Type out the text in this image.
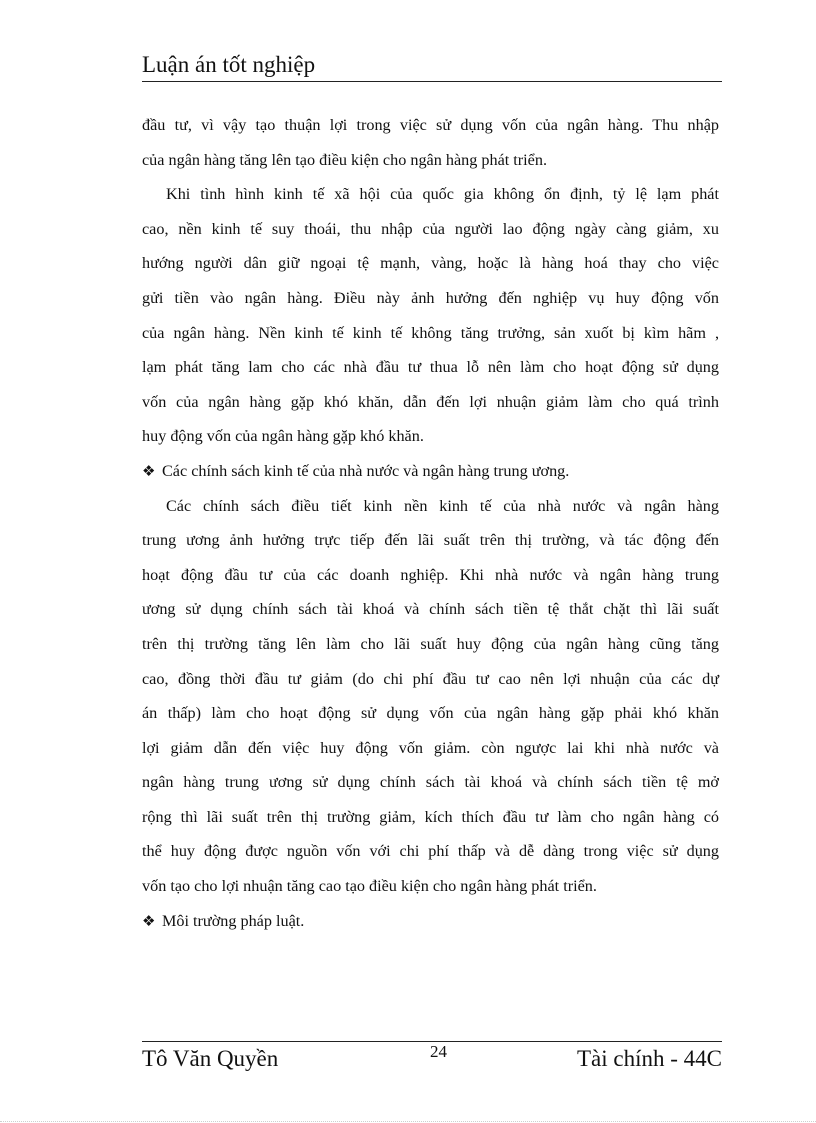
Luận án tốt nghiệp
đầu tư, vì vậy tạo thuận lợi trong việc sử dụng vốn của ngân hàng. Thu nhập
của ngân hàng tăng lên tạo điều kiện cho ngân hàng phát triển.
Khi tình hình kinh tế xã hội của quốc gia không ổn định, tỷ lệ lạm phát
cao, nền kinh tế suy thoái, thu nhập của người lao động ngày càng giảm, xu
hướng người dân giữ ngoại tệ mạnh, vàng, hoặc là hàng hoá thay cho việc
gửi tiền vào ngân hàng. Điều này ảnh hưởng đến nghiệp vụ huy động vốn
của ngân hàng. Nền kinh tế kinh tế không tăng trưởng, sản xuốt bị kìm hãm ,
lạm phát tăng lam cho các nhà đầu tư thua lỗ nên làm cho hoạt động sử dụng
vốn của ngân hàng gặp khó khăn, dẫn đến lợi nhuận giảm làm cho quá trình
huy động vốn của ngân hàng gặp khó khăn.
❖ Các chính sách kinh tế của nhà nước và ngân hàng trung ương.
Các chính sách điều tiết kinh nền kinh tế của nhà nước và ngân hàng
trung ương ảnh hưởng trực tiếp đến lãi suất trên thị trường, và tác động đến
hoạt động đầu tư của các doanh nghiệp. Khi nhà nước và ngân hàng trung
ương sử dụng chính sách tài khoá và chính sách tiền tệ thắt chặt thì lãi suất
trên thị trường tăng lên làm cho lãi suất huy động của ngân hàng cũng tăng
cao, đồng thời đầu tư giảm (do chi phí đầu tư cao nên lợi nhuận của các dự
án thấp) làm cho hoạt động sử dụng vốn của ngân hàng gặp phải khó khăn
lợi giảm dẫn đến việc huy động vốn giảm. còn ngược lai khi nhà nước và
ngân hàng trung ương sử dụng chính sách tài khoá và chính sách tiền tệ mở
rộng thì lãi suất trên thị trường giảm, kích thích đầu tư làm cho ngân hàng có
thể huy động được nguồn vốn với chi phí thấp và dễ dàng trong việc sử dụng
vốn tạo cho lợi nhuận tăng cao tạo điều kiện cho ngân hàng phát triển.
❖ Môi trường pháp luật.
Tô Văn Quyền	24	Tài chính - 44C
